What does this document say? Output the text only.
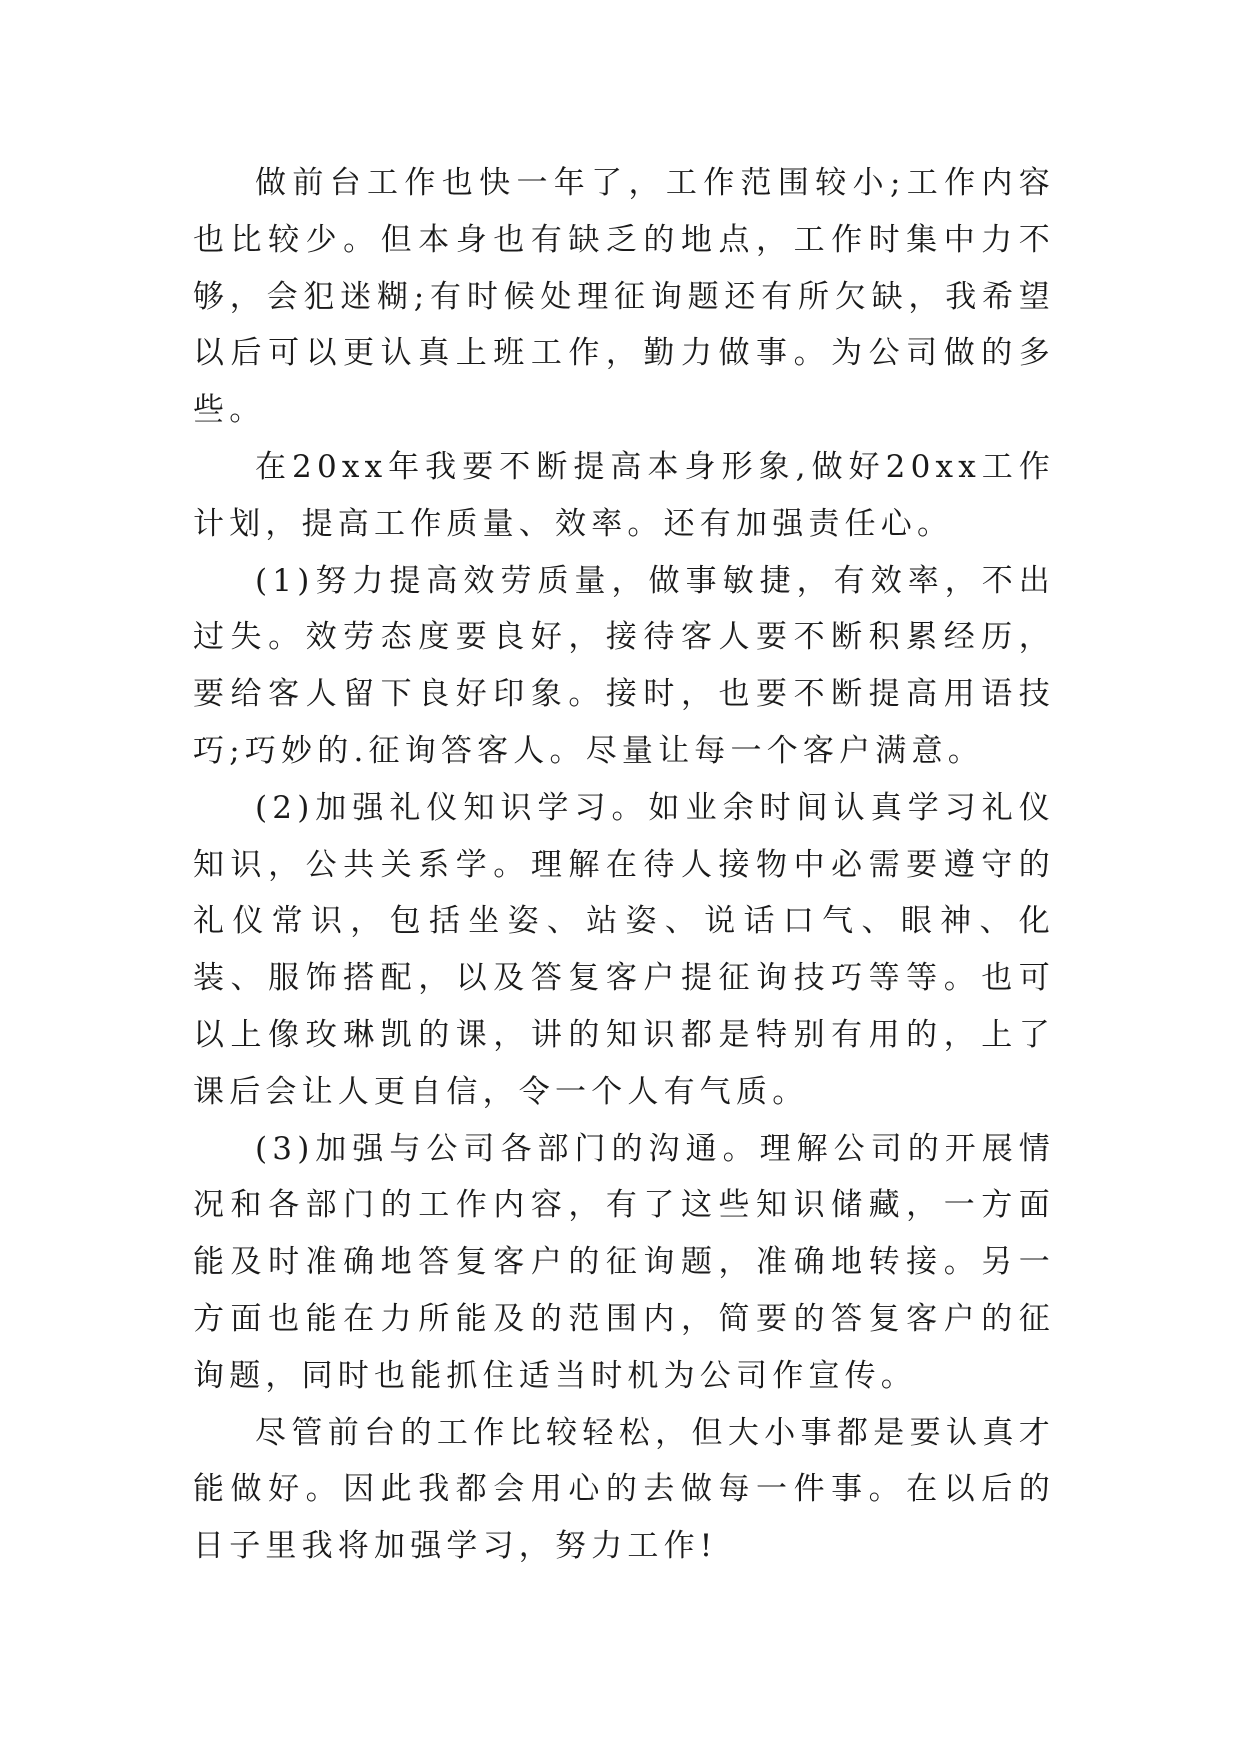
做前台工作也快一年了，工作范围较小;工作内容也比较少。但本身也有缺乏的地点，工作时集中力不够，会犯迷糊;有时候处理征询题还有所欠缺，我希望以后可以更认真上班工作，勤力做事。为公司做的多些。

在20xx年我要不断提高本身形象,做好20xx工作计划，提高工作质量、效率。还有加强责任心。

(1)努力提高效劳质量，做事敏捷，有效率，不出过失。效劳态度要良好，接待客人要不断积累经历，要给客人留下良好印象。接时，也要不断提高用语技巧;巧妙的.征询答客人。尽量让每一个客户满意。

(2)加强礼仪知识学习。如业余时间认真学习礼仪知识，公共关系学。理解在待人接物中必需要遵守的礼仪常识，包括坐姿、站姿、说话口气、眼神、化装、服饰搭配，以及答复客户提征询技巧等等。也可以上像玫琳凯的课，讲的知识都是特别有用的，上了课后会让人更自信，令一个人有气质。

(3)加强与公司各部门的沟通。理解公司的开展情况和各部门的工作内容，有了这些知识储藏，一方面能及时准确地答复客户的征询题，准确地转接。另一方面也能在力所能及的范围内，简要的答复客户的征询题，同时也能抓住适当时机为公司作宣传。

尽管前台的工作比较轻松，但大小事都是要认真才能做好。因此我都会用心的去做每一件事。在以后的日子里我将加强学习，努力工作!
